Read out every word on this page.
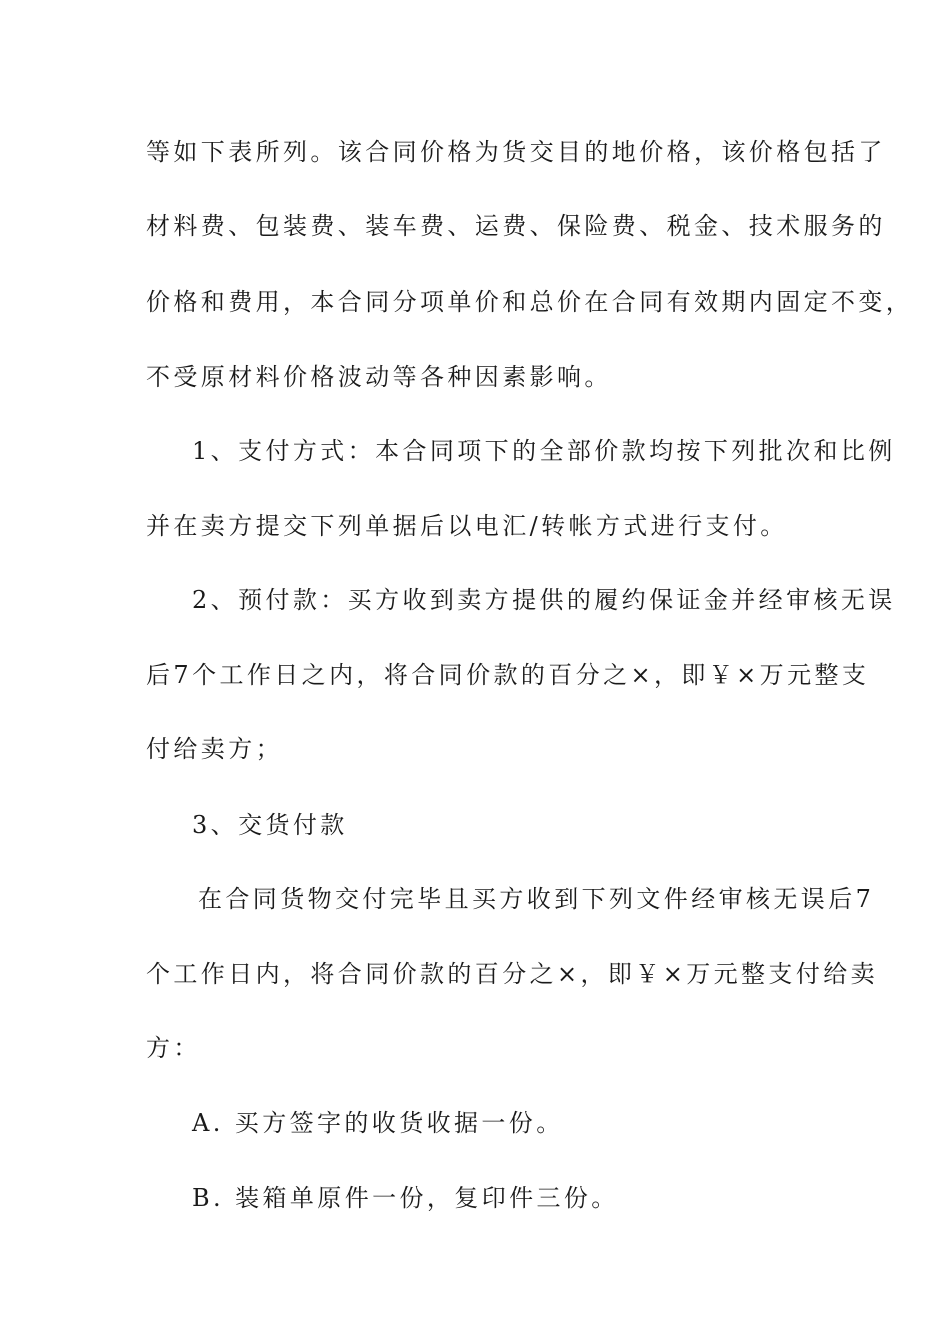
等如下表所列。该合同价格为货交目的地价格，该价格包括了
材料费、包装费、装车费、运费、保险费、税金、技术服务的
价格和费用，本合同分项单价和总价在合同有效期内固定不变，
不受原材料价格波动等各种因素影响。
1、支付方式：本合同项下的全部价款均按下列批次和比例
并在卖方提交下列单据后以电汇/转帐方式进行支付。
2、预付款：买方收到卖方提供的履约保证金并经审核无误
后7个工作日之内，将合同价款的百分之×，即￥×万元整支
付给卖方；
3、交货付款
在合同货物交付完毕且买方收到下列文件经审核无误后7
个工作日内，将合同价款的百分之×，即￥×万元整支付给卖
方：
A. 买方签字的收货收据一份。
B. 装箱单原件一份，复印件三份。
